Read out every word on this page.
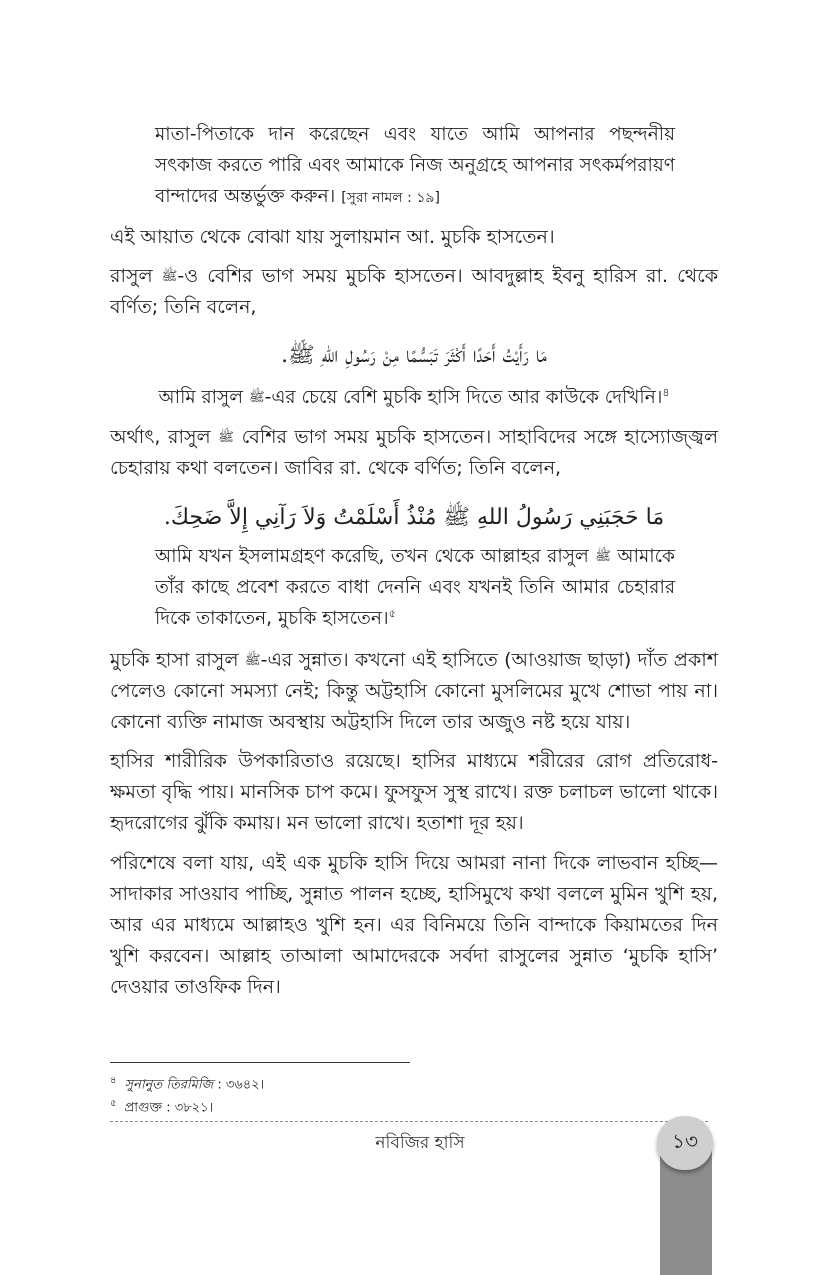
মাতা-পিতাকে দান করেছেন এবং যাতে আমি আপনার পছন্দনীয় সৎকাজ করতে পারি এবং আমাকে নিজ অনুগ্রহে আপনার সৎকর্মপরায়ণ বান্দাদের অন্তর্ভুক্ত করুন। [সুরা নামল : ১৯]

এই আয়াত থেকে বোঝা যায় সুলায়মান আ. মুচকি হাসতেন।

রাসুল ﷺ-ও বেশির ভাগ সময় মুচকি হাসতেন। আবদুল্লাহ ইবনু হারিস রা. থেকে বর্ণিত; তিনি বলেন,

مَا رَأَيْتُ أَحَدًا أَكْثَرَ تَبَسُّمًا مِنْ رَسُولِ اللهِ ﷺ.

আমি রাসুল ﷺ-এর চেয়ে বেশি মুচকি হাসি দিতে আর কাউকে দেখিনি।$^৪$

অর্থাৎ, রাসুল ﷺ বেশির ভাগ সময় মুচকি হাসতেন। সাহাবিদের সঙ্গে হাস্যোজ্জ্বল চেহারায় কথা বলতেন। জাবির রা. থেকে বর্ণিত; তিনি বলেন,

مَا حَجَبَنِي رَسُولُ اللهِ ﷺ مُنْذُ أَسْلَمْتُ وَلاَ رَآنِي إِلاَّ ضَحِكَ.

আমি যখন ইসলামগ্রহণ করেছি, তখন থেকে আল্লাহর রাসুল ﷺ আমাকে তাঁর কাছে প্রবেশ করতে বাধা দেননি এবং যখনই তিনি আমার চেহারার দিকে তাকাতেন, মুচকি হাসতেন।$^৫$

মুচকি হাসা রাসুল ﷺ-এর সুন্নাত। কখনো এই হাসিতে (আওয়াজ ছাড়া) দাঁত প্রকাশ পেলেও কোনো সমস্যা নেই; কিন্তু অট্টহাসি কোনো মুসলিমের মুখে শোভা পায় না। কোনো ব্যক্তি নামাজ অবস্থায় অট্টহাসি দিলে তার অজুও নষ্ট হয়ে যায়।

হাসির শারীরিক উপকারিতাও রয়েছে। হাসির মাধ্যমে শরীরের রোগ প্রতিরোধ-ক্ষমতা বৃদ্ধি পায়। মানসিক চাপ কমে। ফুসফুস সুস্থ রাখে। রক্ত চলাচল ভালো থাকে। হৃদরোগের ঝুঁকি কমায়। মন ভালো রাখে। হতাশা দূর হয়।

পরিশেষে বলা যায়, এই এক মুচকি হাসি দিয়ে আমরা নানা দিকে লাভবান হচ্ছি—সাদাকার সাওয়াব পাচ্ছি, সুন্নাত পালন হচ্ছে, হাসিমুখে কথা বললে মুমিন খুশি হয়, আর এর মাধ্যমে আল্লাহও খুশি হন। এর বিনিময়ে তিনি বান্দাকে কিয়ামতের দিন খুশি করবেন। আল্লাহ তাআলা আমাদেরকে সর্বদা রাসুলের সুন্নাত ‘মুচকি হাসি’ দেওয়ার তাওফিক দিন।

$^৪$ সুনানুত তিরমিজি : ৩৬৪২।

$^৫$ প্রাগুক্ত : ৩৮২১।

নবিজির হাসি	১৩
